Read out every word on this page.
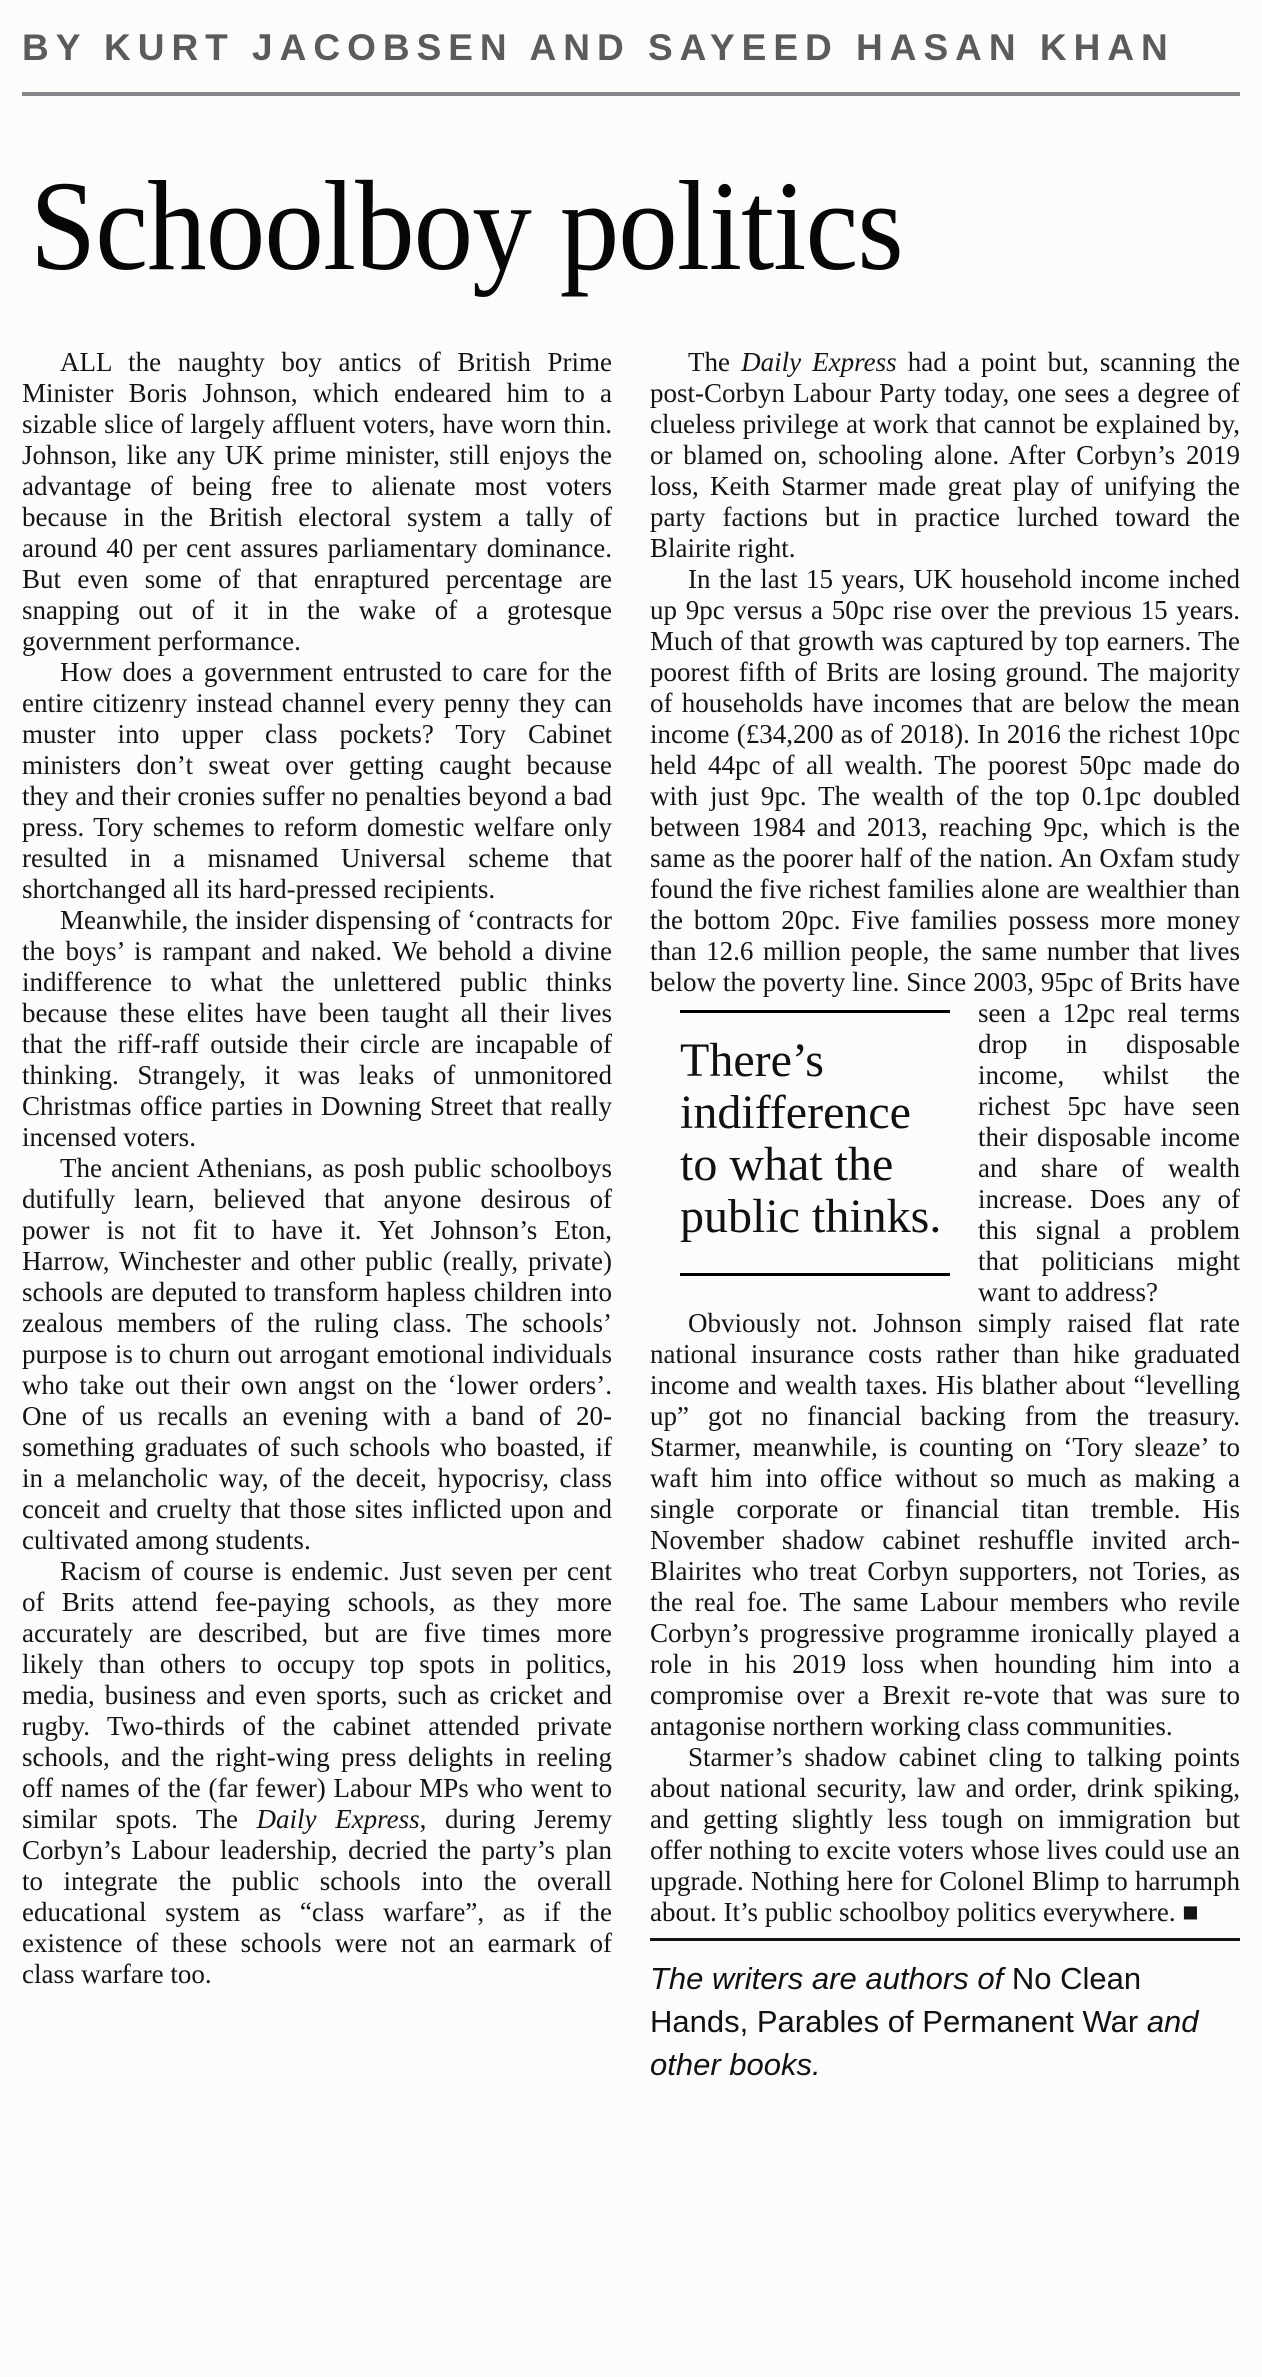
BY KURT JACOBSEN AND SAYEED HASAN KHAN
Schoolboy politics

ALL the naughty boy antics of British Prime Minister Boris Johnson, which endeared him to a sizable slice of largely affluent voters, have worn thin. Johnson, like any UK prime minister, still enjoys the advantage of being free to alienate most voters because in the British electoral system a tally of around 40 per cent assures parliamentary dominance. But even some of that enraptured percentage are snapping out of it in the wake of a grotesque government performance.

How does a government entrusted to care for the entire citizenry instead channel every penny they can muster into upper class pockets? Tory Cabinet ministers don’t sweat over getting caught because they and their cronies suffer no penalties beyond a bad press. Tory schemes to reform domestic welfare only resulted in a misnamed Universal scheme that shortchanged all its hard-pressed recipients.

Meanwhile, the insider dispensing of ‘contracts for the boys’ is rampant and naked. We behold a divine indifference to what the unlettered public thinks because these elites have been taught all their lives that the riff-raff outside their circle are incapable of thinking. Strangely, it was leaks of unmonitored Christmas office parties in Downing Street that really incensed voters.

The ancient Athenians, as posh public schoolboys dutifully learn, believed that anyone desirous of power is not fit to have it. Yet Johnson’s Eton, Harrow, Winchester and other public (really, private) schools are deputed to transform hapless children into zealous members of the ruling class. The schools’ purpose is to churn out arrogant emotional individuals who take out their own angst on the ‘lower orders’. One of us recalls an evening with a band of 20-something graduates of such schools who boasted, if in a melancholic way, of the deceit, hypocrisy, class conceit and cruelty that those sites inflicted upon and cultivated among students.

Racism of course is endemic. Just seven per cent of Brits attend fee-paying schools, as they more accurately are described, but are five times more likely than others to occupy top spots in politics, media, business and even sports, such as cricket and rugby. Two-thirds of the cabinet attended private schools, and the right-wing press delights in reeling off names of the (far fewer) Labour MPs who went to similar spots. The Daily Express, during Jeremy Corbyn’s Labour leadership, decried the party’s plan to integrate the public schools into the overall educational system as “class warfare”, as if the existence of these schools were not an earmark of class warfare too.

The Daily Express had a point but, scanning the post-Corbyn Labour Party today, one sees a degree of clueless privilege at work that cannot be explained by, or blamed on, schooling alone. After Corbyn’s 2019 loss, Keith Starmer made great play of unifying the party factions but in practice lurched toward the Blairite right.

In the last 15 years, UK household income inched up 9pc versus a 50pc rise over the previous 15 years. Much of that growth was captured by top earners. The poorest fifth of Brits are losing ground. The majority of households have incomes that are below the mean income (£34,200 as of 2018). In 2016 the richest 10pc held 44pc of all wealth. The poorest 50pc made do with just 9pc. The wealth of the top 0.1pc doubled between 1984 and 2013, reaching 9pc, which is the same as the poorer half of the nation. An Oxfam study found the five richest families alone are wealthier than the bottom 20pc. Five families possess more money than 12.6 million people, the same number that lives below the poverty line. Since 2003, 95pc of Brits have
There’s indifference to what the public thinks.
seen a 12pc real terms drop in disposable income, whilst the richest 5pc have seen their disposable income and share of wealth increase. Does any of this signal a problem that politicians might want to address?

Obviously not. Johnson simply raised flat rate national insurance costs rather than hike graduated income and wealth taxes. His blather about “levelling up” got no financial backing from the treasury. Starmer, meanwhile, is counting on ‘Tory sleaze’ to waft him into office without so much as making a single corporate or financial titan tremble. His November shadow cabinet reshuffle invited arch-Blairites who treat Corbyn supporters, not Tories, as the real foe. The same Labour members who revile Corbyn’s progressive programme ironically played a role in his 2019 loss when hounding him into a compromise over a Brexit re-vote that was sure to antagonise northern working class communities.

Starmer’s shadow cabinet cling to talking points about national security, law and order, drink spiking, and getting slightly less tough on immigration but offer nothing to excite voters whose lives could use an upgrade. Nothing here for Colonel Blimp to harrumph about. It’s public schoolboy politics everywhere. ■

The writers are authors of No Clean Hands, Parables of Permanent War and other books.
